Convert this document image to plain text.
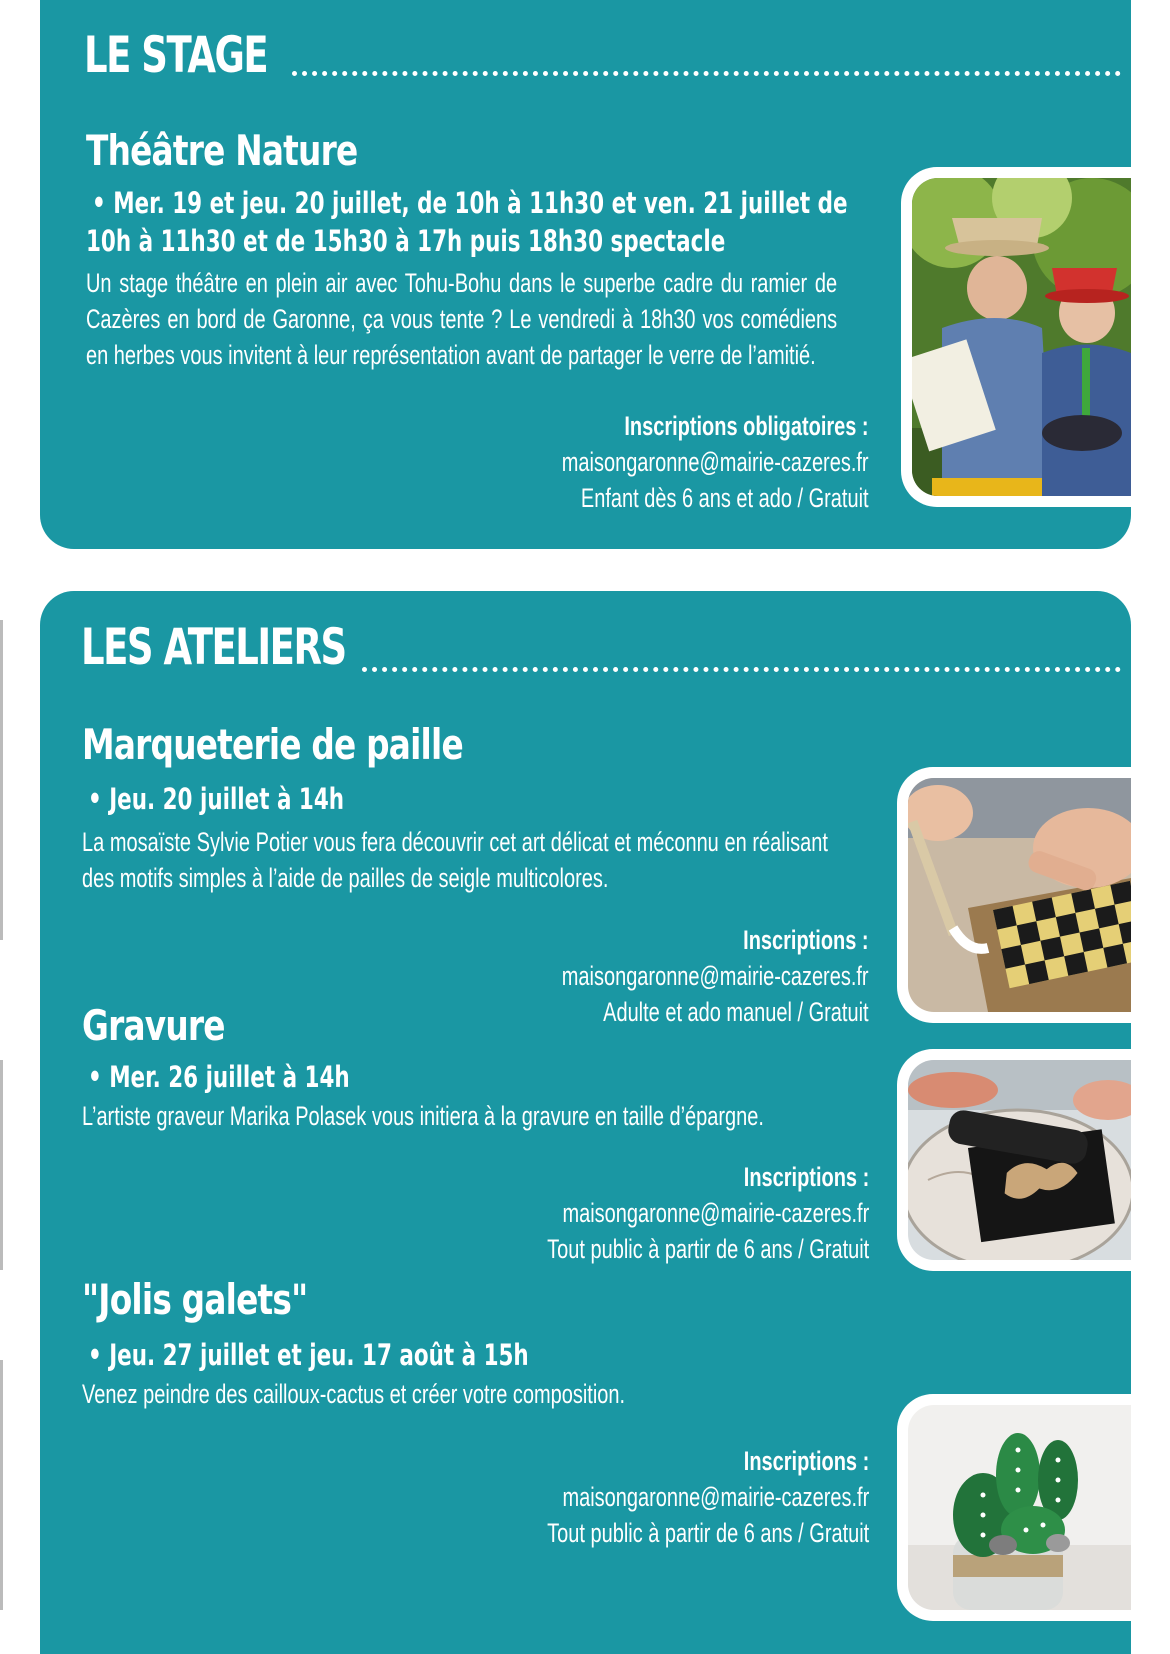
LE STAGE
Théâtre Nature
• Mer. 19 et jeu. 20 juillet, de 10h à 11h30 et ven. 21 juillet de
10h à 11h30 et de 15h30 à 17h puis 18h30 spectacle
Un stage théâtre en plein air avec Tohu-Bohu dans le superbe cadre du ramier de Cazères en bord de Garonne, ça vous tente ? Le vendredi à 18h30 vos comédiens en herbes vous invitent à leur représentation avant de partager le verre de l’amitié.
Inscriptions obligatoires :
maisongaronne@mairie-cazeres.fr
Enfant dès 6 ans et ado / Gratuit
LES ATELIERS
Marqueterie de paille
• Jeu. 20 juillet à 14h
La mosaïste Sylvie Potier vous fera découvrir cet art délicat et méconnu en réalisant des motifs simples à l’aide de pailles de seigle multicolores.
Inscriptions :
maisongaronne@mairie-cazeres.fr
Adulte et ado manuel / Gratuit
Gravure
• Mer. 26 juillet à 14h
L’artiste graveur Marika Polasek vous initiera à la gravure en taille d’épargne.
Inscriptions :
maisongaronne@mairie-cazeres.fr
Tout public à partir de 6 ans / Gratuit
"Jolis galets"
• Jeu. 27 juillet et jeu. 17 août à 15h
Venez peindre des cailloux-cactus et créer votre composition.
Inscriptions :
maisongaronne@mairie-cazeres.fr
Tout public à partir de 6 ans / Gratuit
